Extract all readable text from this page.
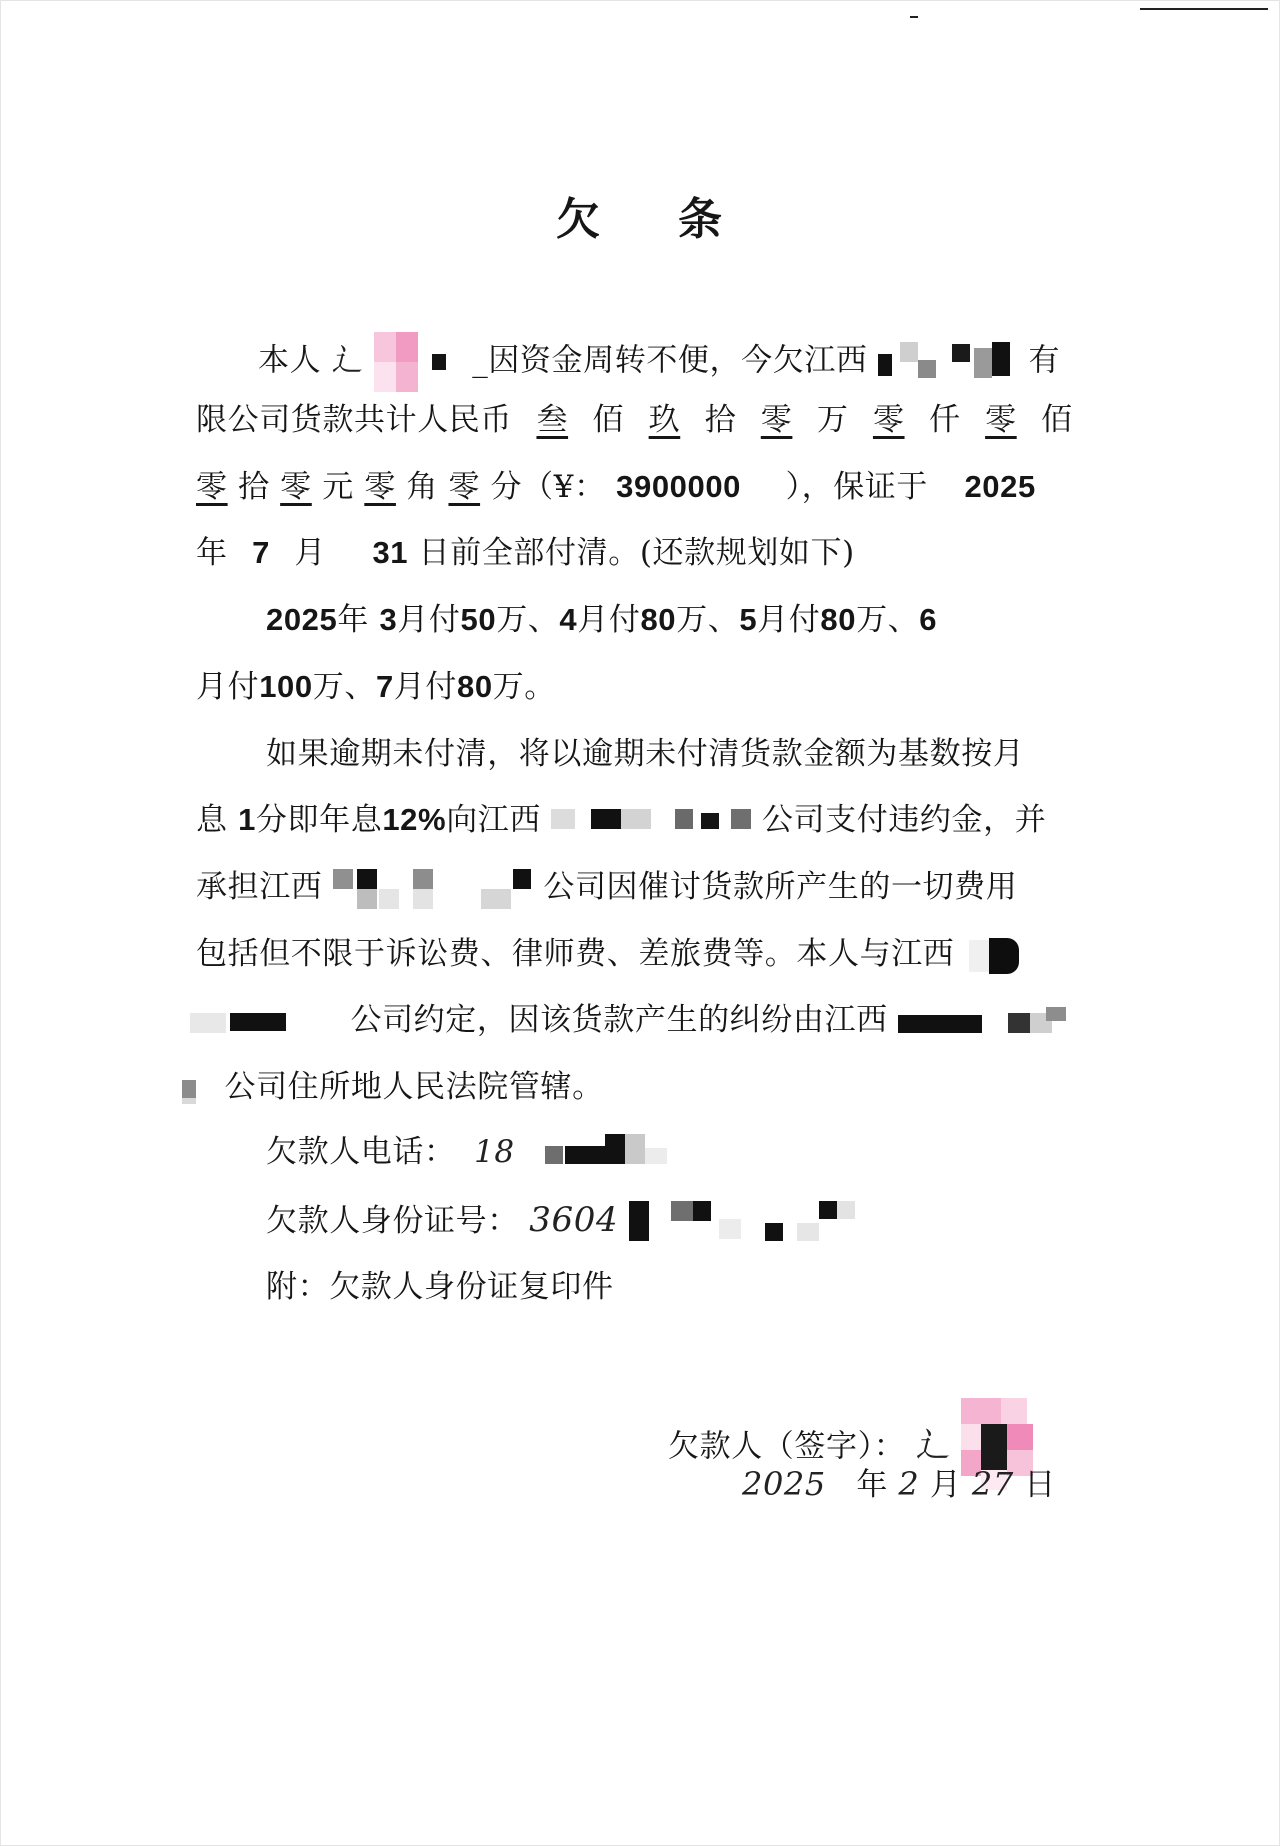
欠 条
本人 辶	_因资金周转不便，今欠江西	有
限公司货款共计人民币 叁 佰 玖 拾 零 万 零 仟 零 佰
零 拾 零 元 零 角 零 分（¥： 3900000 ），保证于 2025
年 7 月 31 日前全部付清。(还款规划如下)
2025年 3月付50万、4月付80万、5月付80万、6
月付100万、7月付80万。
如果逾期未付清，将以逾期未付清货款金额为基数按月
息 1分即年息12%向江西	公司支付违约金，并
承担江西	公司因催讨货款所产生的一切费用
包括但不限于诉讼费、律师费、差旅费等。本人与江西
公司约定，因该货款产生的纠纷由江西
公司住所地人民法院管辖。
欠款人电话： 18
欠款人身份证号： 3604
附：欠款人身份证复印件
欠款人（签字）： 辶
2025 年 2 月 27 日
